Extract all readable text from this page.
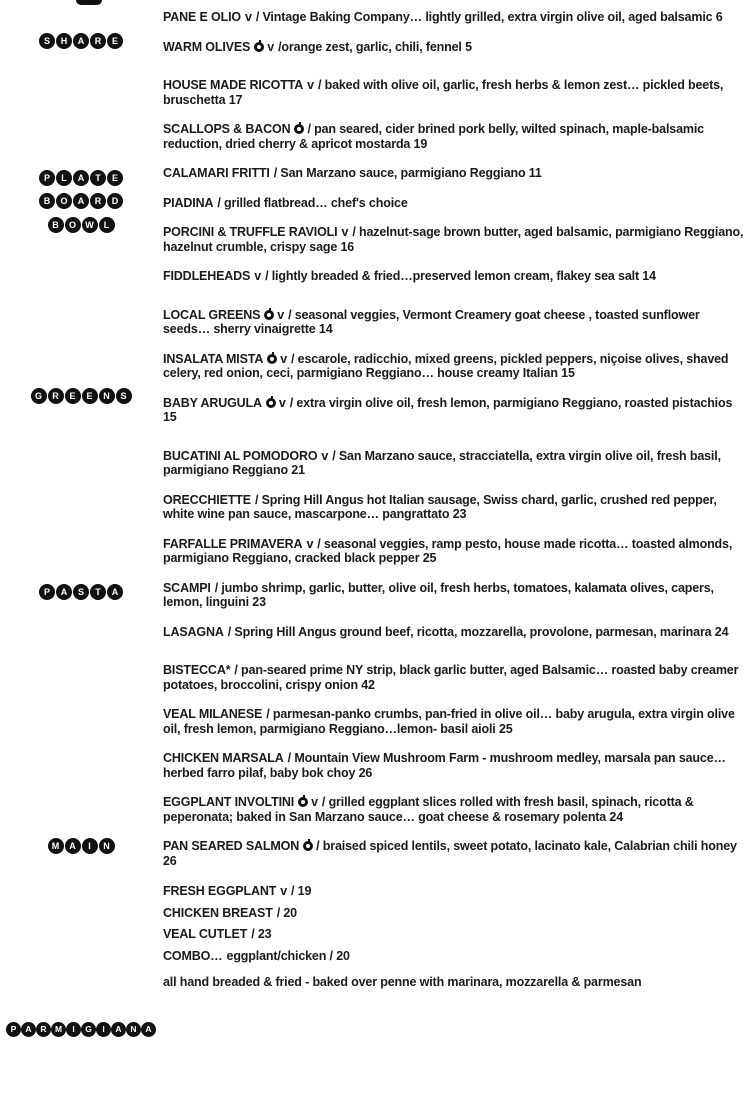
S	H	A	R	E
P	L	A	T	E
B	O	A	R	D
B	O	W	L
G	R	E	E	N	S
P	A	S	T	A
M	A	I	N
P	A	R M	I	G	I	A	N	A

PANE E OLIO v / Vintage Baking Company… lightly grilled, extra virgin olive oil, aged balsamic 6

WARM OLIVES v /orange zest, garlic, chili, fennel 5

HOUSE MADE RICOTTA v / baked with olive oil, garlic, fresh herbs & lemon zest… pickled beets, bruschetta 17

SCALLOPS & BACON / pan seared, cider brined pork belly, wilted spinach, maple-balsamic reduction, dried cherry & apricot mostarda 19

CALAMARI FRITTI / San Marzano sauce, parmigiano Reggiano 11

PIADINA / grilled flatbread… chef's choice

PORCINI & TRUFFLE RAVIOLI v / hazelnut-sage brown butter, aged balsamic, parmigiano Reggiano, hazelnut crumble, crispy sage 16

FIDDLEHEADS v / lightly breaded & fried…preserved lemon cream, flakey sea salt 14

LOCAL GREENS v / seasonal veggies, Vermont Creamery goat cheese , toasted sunflower seeds… sherry vinaigrette 14

INSALATA MISTA v / escarole, radicchio, mixed greens, pickled peppers, niçoise olives, shaved celery, red onion, ceci, parmigiano Reggiano… house creamy Italian 15

BABY ARUGULA v / extra virgin olive oil, fresh lemon, parmigiano Reggiano, roasted pistachios 15

BUCATINI AL POMODORO v / San Marzano sauce, stracciatella, extra virgin olive oil, fresh basil, parmigiano Reggiano 21

ORECCHIETTE / Spring Hill Angus hot Italian sausage, Swiss chard, garlic, crushed red pepper, white wine pan sauce, mascarpone… pangrattato 23

FARFALLE PRIMAVERA v / seasonal veggies, ramp pesto, house made ricotta… toasted almonds, parmigiano Reggiano, cracked black pepper 25

SCAMPI / jumbo shrimp, garlic, butter, olive oil, fresh herbs, tomatoes, kalamata olives, capers, lemon, linguini 23

LASAGNA / Spring Hill Angus ground beef, ricotta, mozzarella, provolone, parmesan, marinara 24

BISTECCA* / pan-seared prime NY strip, black garlic butter, aged Balsamic… roasted baby creamer potatoes, broccolini, crispy onion 42

VEAL MILANESE / parmesan-panko crumbs, pan-fried in olive oil… baby arugula, extra virgin olive oil, fresh lemon, parmigiano Reggiano…lemon- basil aioli 25

CHICKEN MARSALA / Mountain View Mushroom Farm - mushroom medley, marsala pan sauce… herbed farro pilaf, baby bok choy 26

EGGPLANT INVOLTINI v / grilled eggplant slices rolled with fresh basil, spinach, ricotta & peperonata; baked in San Marzano sauce… goat cheese & rosemary polenta 24

PAN SEARED SALMON / braised spiced lentils, sweet potato, lacinato kale, Calabrian chili honey 26

FRESH EGGPLANT v / 19

CHICKEN BREAST / 20

VEAL CUTLET / 23

COMBO… eggplant/chicken / 20

all hand breaded & fried - baked over penne with marinara, mozzarella & parmesan
